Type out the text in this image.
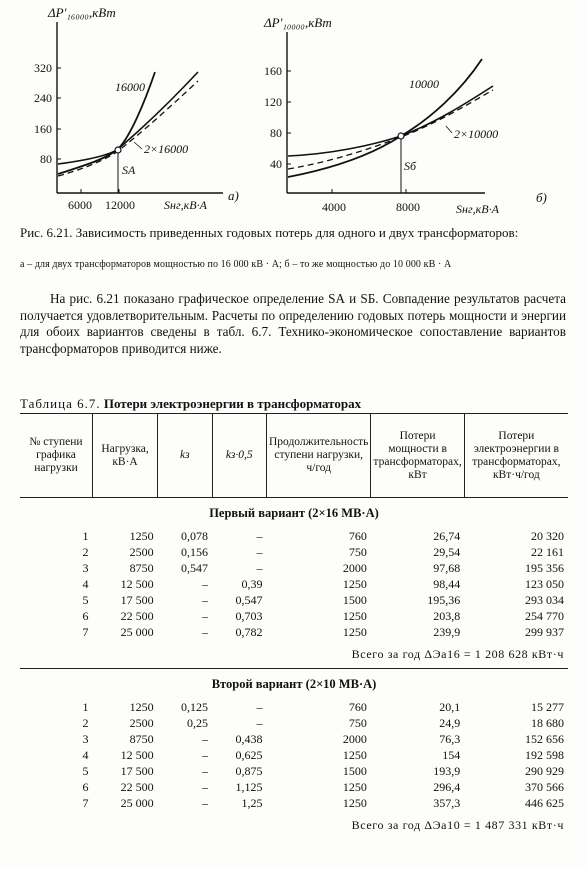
ΔP'₁₆₀₀₀,кВт
320
240
160
80
6000 12000 Sнг,кВ·А
а)
SA
16000
2×16000
ΔP'₁₀₀₀₀,кВт
160
120
80
40
4000	8000	Sнг,кВ·А
б)
Sб
10000
2×10000
Рис. 6.21. Зависимость приведенных годовых потерь для одного и двух трансформаторов:
а – для двух трансформаторов мощностью по 16 000 кВ · А; б – то же мощностью до 10 000 кВ · А
На рис. 6.21 показано графическое определение SА и SБ. Совпадение результатов расчета получается удовлетворительным. Расчеты по определению годовых потерь мощности и энергии для обоих вариантов сведены в табл. 6.7. Технико-экономическое сопоставление вариантов трансформаторов приводится ниже.
Таблица 6.7. Потери электроэнергии в трансформаторах
№ ступени графика нагрузки	Нагрузка, кВ·А	kз	kз·0,5	Продолжительность ступени нагрузки, ч/год	Потери мощности в трансформаторах, кВт	Потери электроэнергии в трансформаторах, кВт·ч/год
Первый вариант (2×16 МВ·А)						
1	1250	0,078	–	760	26,74	20 320
2	2500	0,156	–	750	29,54	22 161
3	8750	0,547	–	2000	97,68	195 356
4	12 500	–	0,39	1250	98,44	123 050
5	17 500	–	0,547	1500	195,36	293 034
6	22 500	–	0,703	1250	203,8	254 770
7	25 000	–	0,782	1250	239,9	299 937
Всего за год ΔЭа16 = 1 208 628 кВт·ч						

Второй вариант (2×10 МВ·А)						
1	1250	0,125	–	760	20,1	15 277
2	2500	0,25	–	750	24,9	18 680
3	8750	–	0,438	2000	76,3	152 656
4	12 500	–	0,625	1250	154	192 598
5	17 500	–	0,875	1500	193,9	290 929
6	22 500	–	1,125	1250	296,4	370 566
7	25 000	–	1,25	1250	357,3	446 625
Всего за год ΔЭа10 = 1 487 331 кВт·ч						
